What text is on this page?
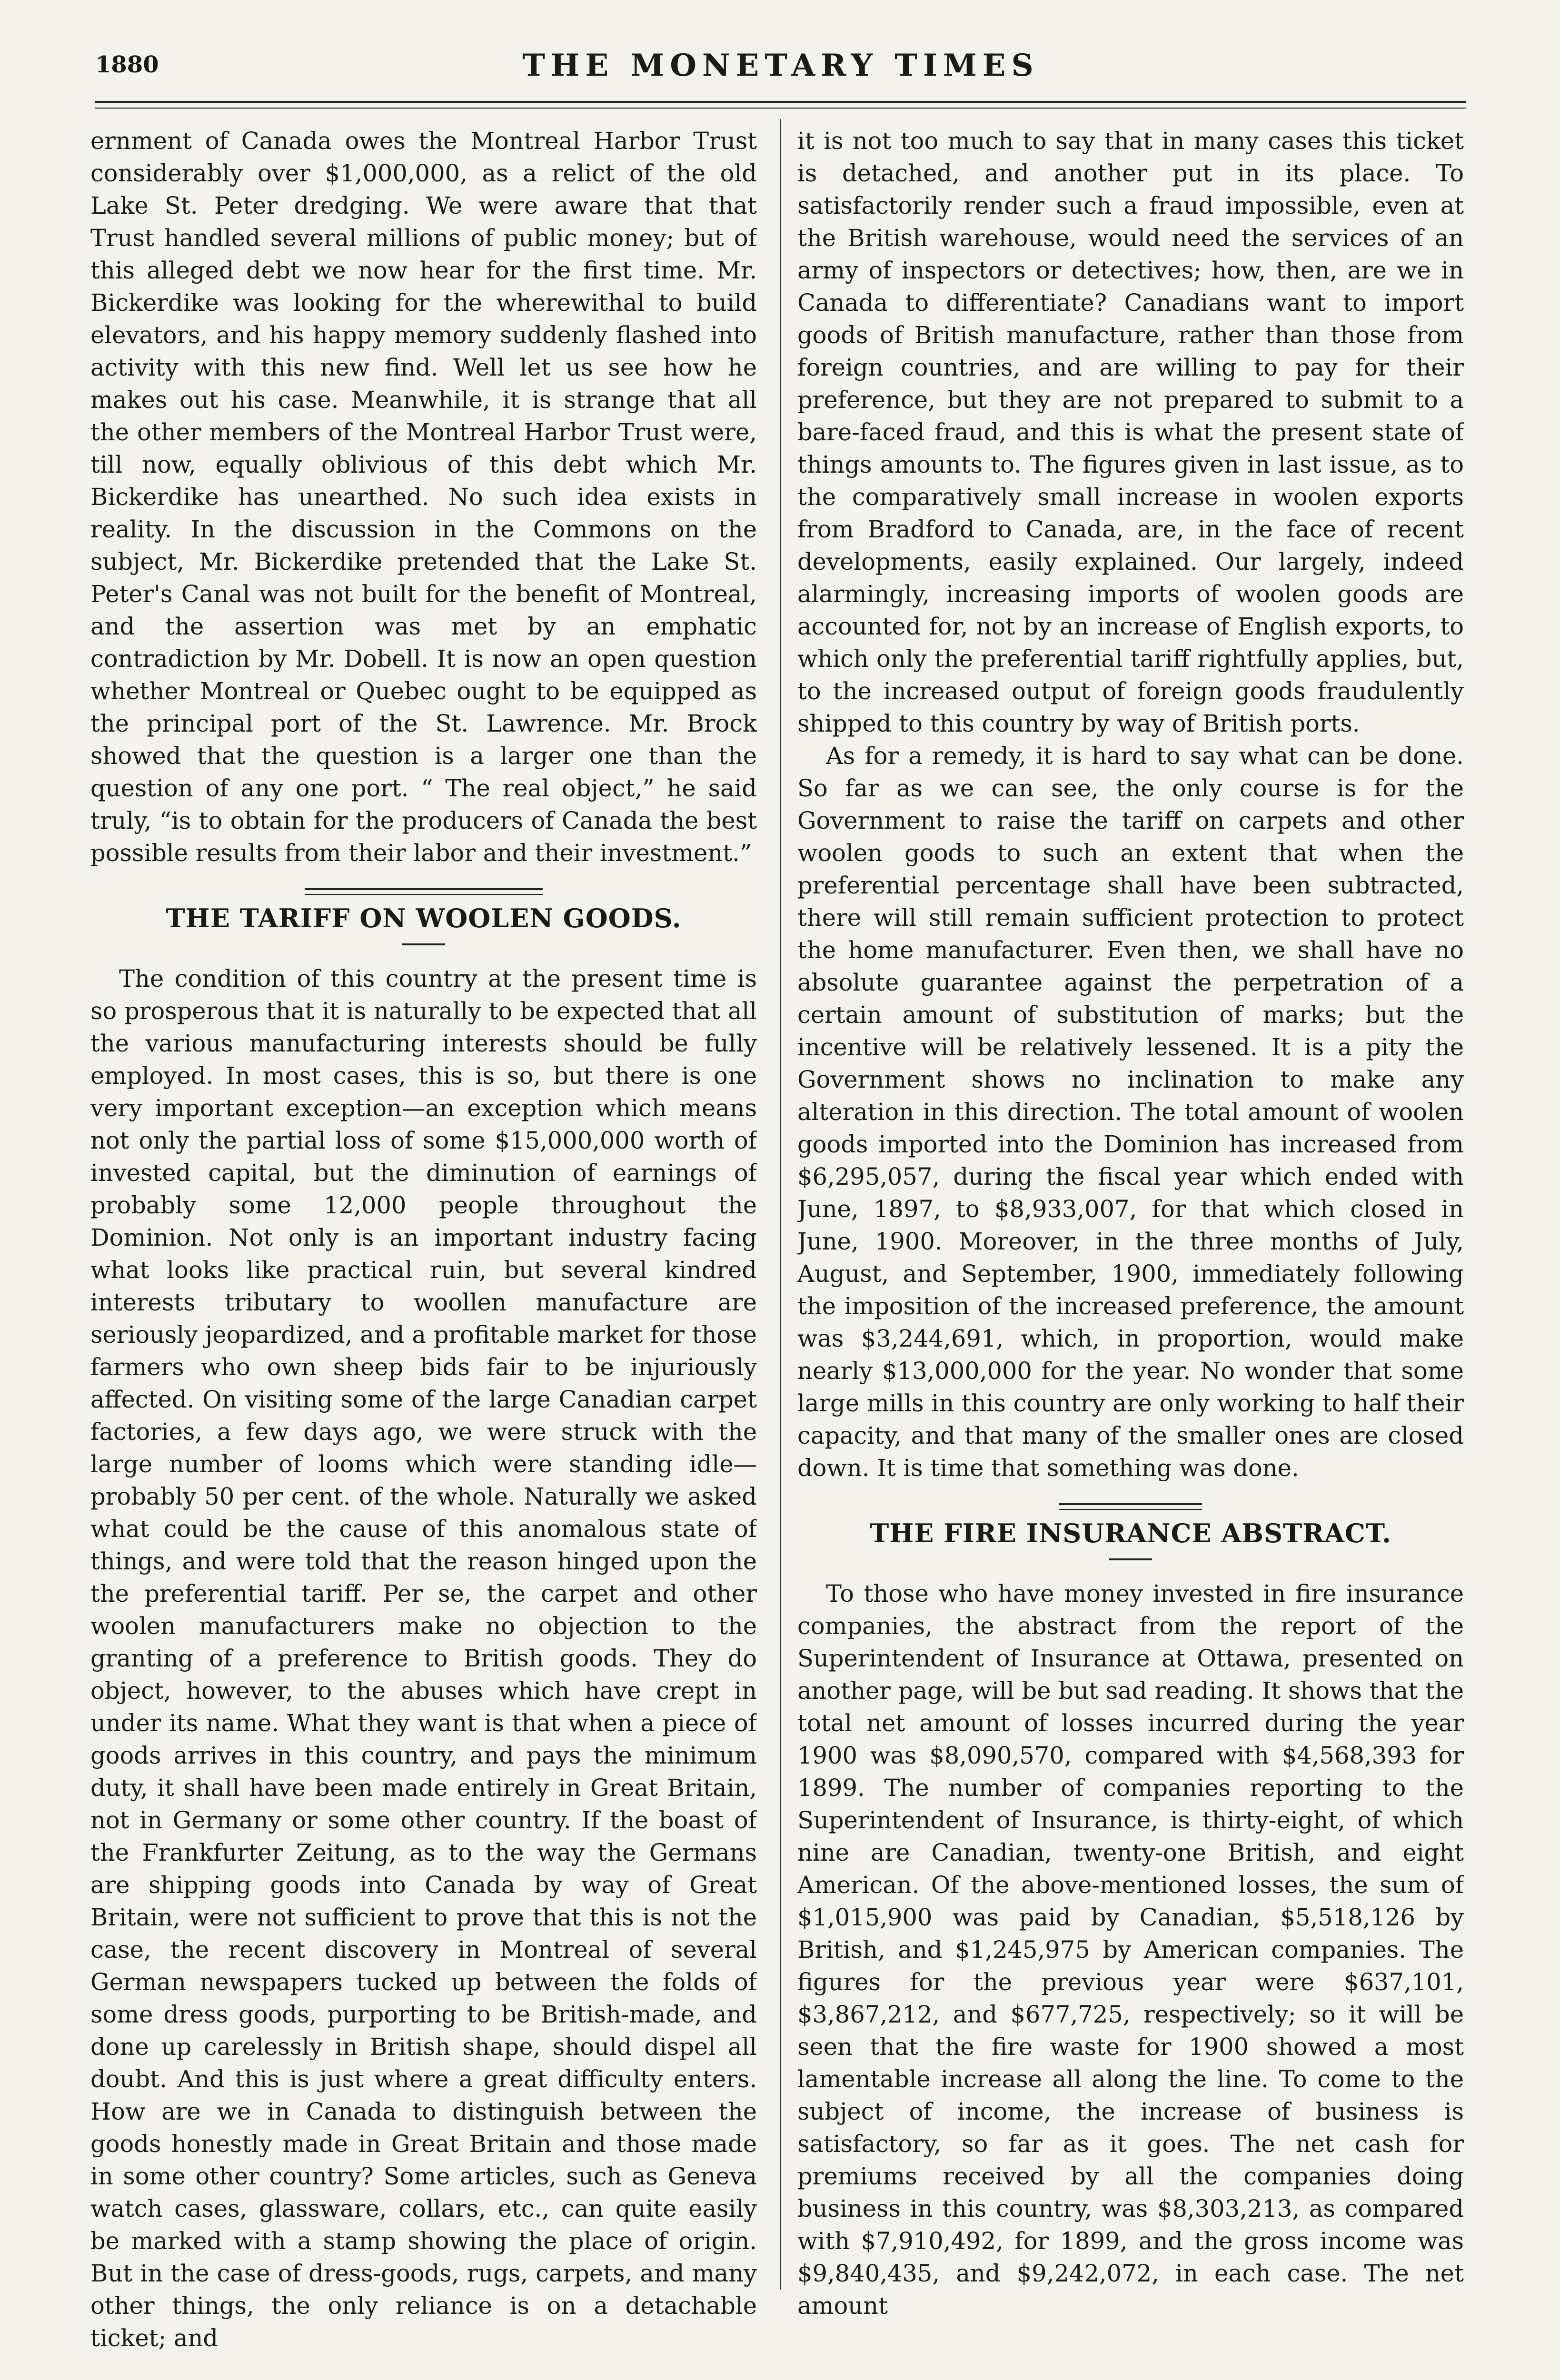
1880	THE MONETARY TIMES

ernment of Canada owes the Montreal Harbor Trust considerably over $1,000,000, as a relict of the old Lake St. Peter dredging. We were aware that that Trust handled several millions of public money; but of this alleged debt we now hear for the first time. Mr. Bickerdike was looking for the wherewithal to build elevators, and his happy memory suddenly flashed into activity with this new find. Well let us see how he makes out his case. Meanwhile, it is strange that all the other members of the Montreal Harbor Trust were, till now, equally oblivious of this debt which Mr. Bickerdike has unearthed. No such idea exists in reality. In the discussion in the Commons on the subject, Mr. Bickerdike pretended that the Lake St. Peter's Canal was not built for the benefit of Montreal, and the assertion was met by an emphatic contradiction by Mr. Dobell. It is now an open question whether Montreal or Quebec ought to be equipped as the principal port of the St. Lawrence. Mr. Brock showed that the question is a larger one than the question of any one port. “ The real object,” he said truly, “is to obtain for the producers of Canada the best possible results from their labor and their investment.”

THE TARIFF ON WOOLEN GOODS.

The condition of this country at the present time is so prosperous that it is naturally to be expected that all the various manufacturing interests should be fully employed. In most cases, this is so, but there is one very important exception—an exception which means not only the partial loss of some $15,000,000 worth of invested capital, but the diminution of earnings of probably some 12,000 people throughout the Dominion. Not only is an important industry facing what looks like practical ruin, but several kindred interests tributary to woollen manufacture are seriously jeopardized, and a profitable market for those farmers who own sheep bids fair to be injuriously affected. On visiting some of the large Canadian carpet factories, a few days ago, we were struck with the large number of looms which were standing idle—probably 50 per cent. of the whole. Naturally we asked what could be the cause of this anomalous state of things, and were told that the reason hinged upon the the preferential tariff. Per se, the carpet and other woolen manufacturers make no objection to the granting of a preference to British goods. They do object, however, to the abuses which have crept in under its name. What they want is that when a piece of goods arrives in this country, and pays the minimum duty, it shall have been made entirely in Great Britain, not in Germany or some other country. If the boast of the Frankfurter Zeitung, as to the way the Germans are shipping goods into Canada by way of Great Britain, were not sufficient to prove that this is not the case, the recent discovery in Montreal of several German newspapers tucked up between the folds of some dress goods, purporting to be British-made, and done up carelessly in British shape, should dispel all doubt. And this is just where a great difficulty enters. How are we in Canada to distinguish between the goods honestly made in Great Britain and those made in some other country? Some articles, such as Geneva watch cases, glassware, collars, etc., can quite easily be marked with a stamp showing the place of origin. But in the case of dress-goods, rugs, carpets, and many other things, the only reliance is on a detachable ticket; and

it is not too much to say that in many cases this ticket is detached, and another put in its place. To satisfactorily render such a fraud impossible, even at the British warehouse, would need the services of an army of inspectors or detectives; how, then, are we in Canada to differentiate? Canadians want to import goods of British manufacture, rather than those from foreign countries, and are willing to pay for their preference, but they are not prepared to submit to a bare-faced fraud, and this is what the present state of things amounts to. The figures given in last issue, as to the comparatively small increase in woolen exports from Bradford to Canada, are, in the face of recent developments, easily explained. Our largely, indeed alarmingly, increasing imports of woolen goods are accounted for, not by an increase of English exports, to which only the preferential tariff rightfully applies, but, to the increased output of foreign goods fraudulently shipped to this country by way of British ports.

As for a remedy, it is hard to say what can be done. So far as we can see, the only course is for the Government to raise the tariff on carpets and other woolen goods to such an extent that when the preferential percentage shall have been subtracted, there will still remain sufficient protection to protect the home manufacturer. Even then, we shall have no absolute guarantee against the perpetration of a certain amount of substitution of marks; but the incentive will be relatively lessened. It is a pity the Government shows no inclination to make any alteration in this direction. The total amount of woolen goods imported into the Dominion has increased from $6,295,057, during the fiscal year which ended with June, 1897, to $8,933,007, for that which closed in June, 1900. Moreover, in the three months of July, August, and September, 1900, immediately following the imposition of the increased preference, the amount was $3,244,691, which, in proportion, would make nearly $13,000,000 for the year. No wonder that some large mills in this country are only working to half their capacity, and that many of the smaller ones are closed down. It is time that something was done.

THE FIRE INSURANCE ABSTRACT.

To those who have money invested in fire insurance companies, the abstract from the report of the Superintendent of Insurance at Ottawa, presented on another page, will be but sad reading. It shows that the total net amount of losses incurred during the year 1900 was $8,090,570, compared with $4,568,393 for 1899. The number of companies reporting to the Superintendent of Insurance, is thirty-eight, of which nine are Canadian, twenty-one British, and eight American. Of the above-mentioned losses, the sum of $1,015,900 was paid by Canadian, $5,518,126 by British, and $1,245,975 by American companies. The figures for the previous year were $637,101, $3,867,212, and $677,725, respectively; so it will be seen that the fire waste for 1900 showed a most lamentable increase all along the line. To come to the subject of income, the increase of business is satisfactory, so far as it goes. The net cash for premiums received by all the companies doing business in this country, was $8,303,213, as compared with $7,910,492, for 1899, and the gross income was $9,840,435, and $9,242,072, in each case. The net amount
